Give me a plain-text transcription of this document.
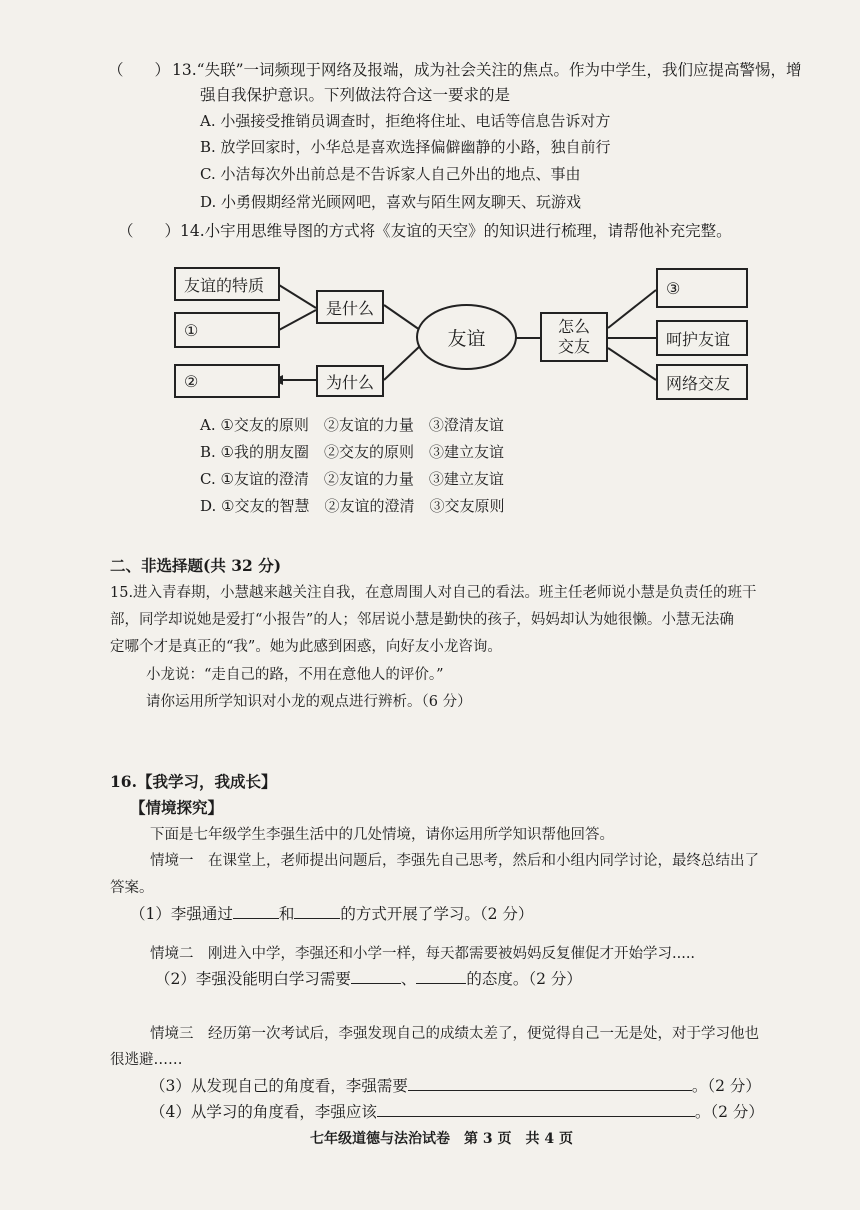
（　　） 13.“失联”一词频现于网络及报端，成为社会关注的焦点。作为中学生，我们应提高警惕，增
强自我保护意识。下列做法符合这一要求的是
A. 小强接受推销员调查时，拒绝将住址、电话等信息告诉对方
B. 放学回家时，小华总是喜欢选择偏僻幽静的小路，独自前行
C. 小洁每次外出前总是不告诉家人自己外出的地点、事由
D. 小勇假期经常光顾网吧，喜欢与陌生网友聊天、玩游戏
（　　） 14.小宇用思维导图的方式将《友谊的天空》的知识进行梳理，请帮他补充完整。
友谊的特质
①
②
是什么
为什么
友谊
怎么
交友
③
呵护友谊
网络交友
A. ①交友的原则　②友谊的力量　③澄清友谊
B. ①我的朋友圈　②交友的原则　③建立友谊
C. ①友谊的澄清　②友谊的力量　③建立友谊
D. ①交友的智慧　②友谊的澄清　③交友原则
二、非选择题(共 32 分)
15.进入青春期，小慧越来越关注自我，在意周围人对自己的看法。班主任老师说小慧是负责任的班干
部，同学却说她是爱打“小报告”的人；邻居说小慧是勤快的孩子，妈妈却认为她很懒。小慧无法确
定哪个才是真正的“我”。她为此感到困惑，向好友小龙咨询。
小龙说：“走自己的路，不用在意他人的评价。”
请你运用所学知识对小龙的观点进行辨析。（6 分）
16.【我学习，我成长】
【情境探究】
下面是七年级学生李强生活中的几处情境，请你运用所学知识帮他回答。
情境一　在课堂上，老师提出问题后，李强先自己思考，然后和小组内同学讨论，最终总结出了
答案。
（1）李强通过	和	的方式开展了学习。（2 分）
情境二　刚进入中学，李强还和小学一样，每天都需要被妈妈反复催促才开始学习.....
（2）李强没能明白学习需要	、	的态度。（2 分）
情境三　经历第一次考试后，李强发现自己的成绩太差了，便觉得自己一无是处，对于学习他也
很逃避……
（3）从发现自己的角度看，李强需要	。（2 分）
（4）从学习的角度看，李强应该	。（2 分）
七年级道德与法治试卷　第 3 页　共 4 页
